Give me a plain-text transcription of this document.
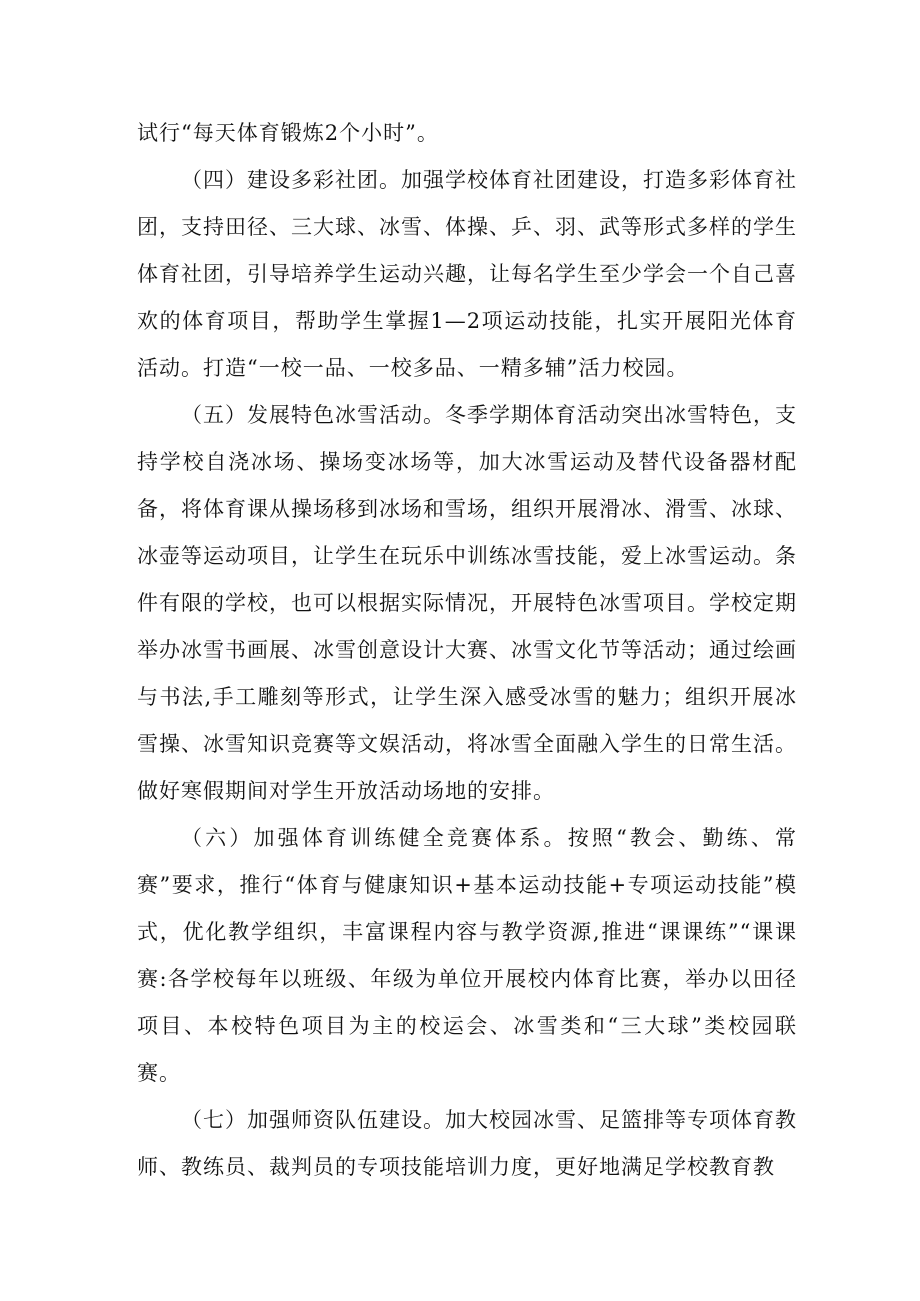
试行“每天体育锻炼2个小时”。

（四）建设多彩社团。加强学校体育社团建设，打造多彩体育社团，支持田径、三大球、冰雪、体操、乒、羽、武等形式多样的学生体育社团，引导培养学生运动兴趣，让每名学生至少学会一个自己喜欢的体育项目，帮助学生掌握1—2项运动技能，扎实开展阳光体育活动。打造“一校一品、一校多品、一精多辅”活力校园。

（五）发展特色冰雪活动。冬季学期体育活动突出冰雪特色，支持学校自浇冰场、操场变冰场等，加大冰雪运动及替代设备器材配备，将体育课从操场移到冰场和雪场，组织开展滑冰、滑雪、冰球、冰壶等运动项目，让学生在玩乐中训练冰雪技能，爱上冰雪运动。条件有限的学校，也可以根据实际情况，开展特色冰雪项目。学校定期举办冰雪书画展、冰雪创意设计大赛、冰雪文化节等活动；通过绘画与书法,手工雕刻等形式，让学生深入感受冰雪的魅力；组织开展冰雪操、冰雪知识竞赛等文娱活动，将冰雪全面融入学生的日常生活。做好寒假期间对学生开放活动场地的安排。

（六）加强体育训练健全竞赛体系。按照“教会、勤练、常赛”要求，推行“体育与健康知识+基本运动技能+专项运动技能”模式，优化教学组织，丰富课程内容与教学资源,推进“课课练”“课课赛:各学校每年以班级、年级为单位开展校内体育比赛，举办以田径项目、本校特色项目为主的校运会、冰雪类和“三大球”类校园联赛。

（七）加强师资队伍建设。加大校园冰雪、足篮排等专项体育教师、教练员、裁判员的专项技能培训力度，更好地满足学校教育教
